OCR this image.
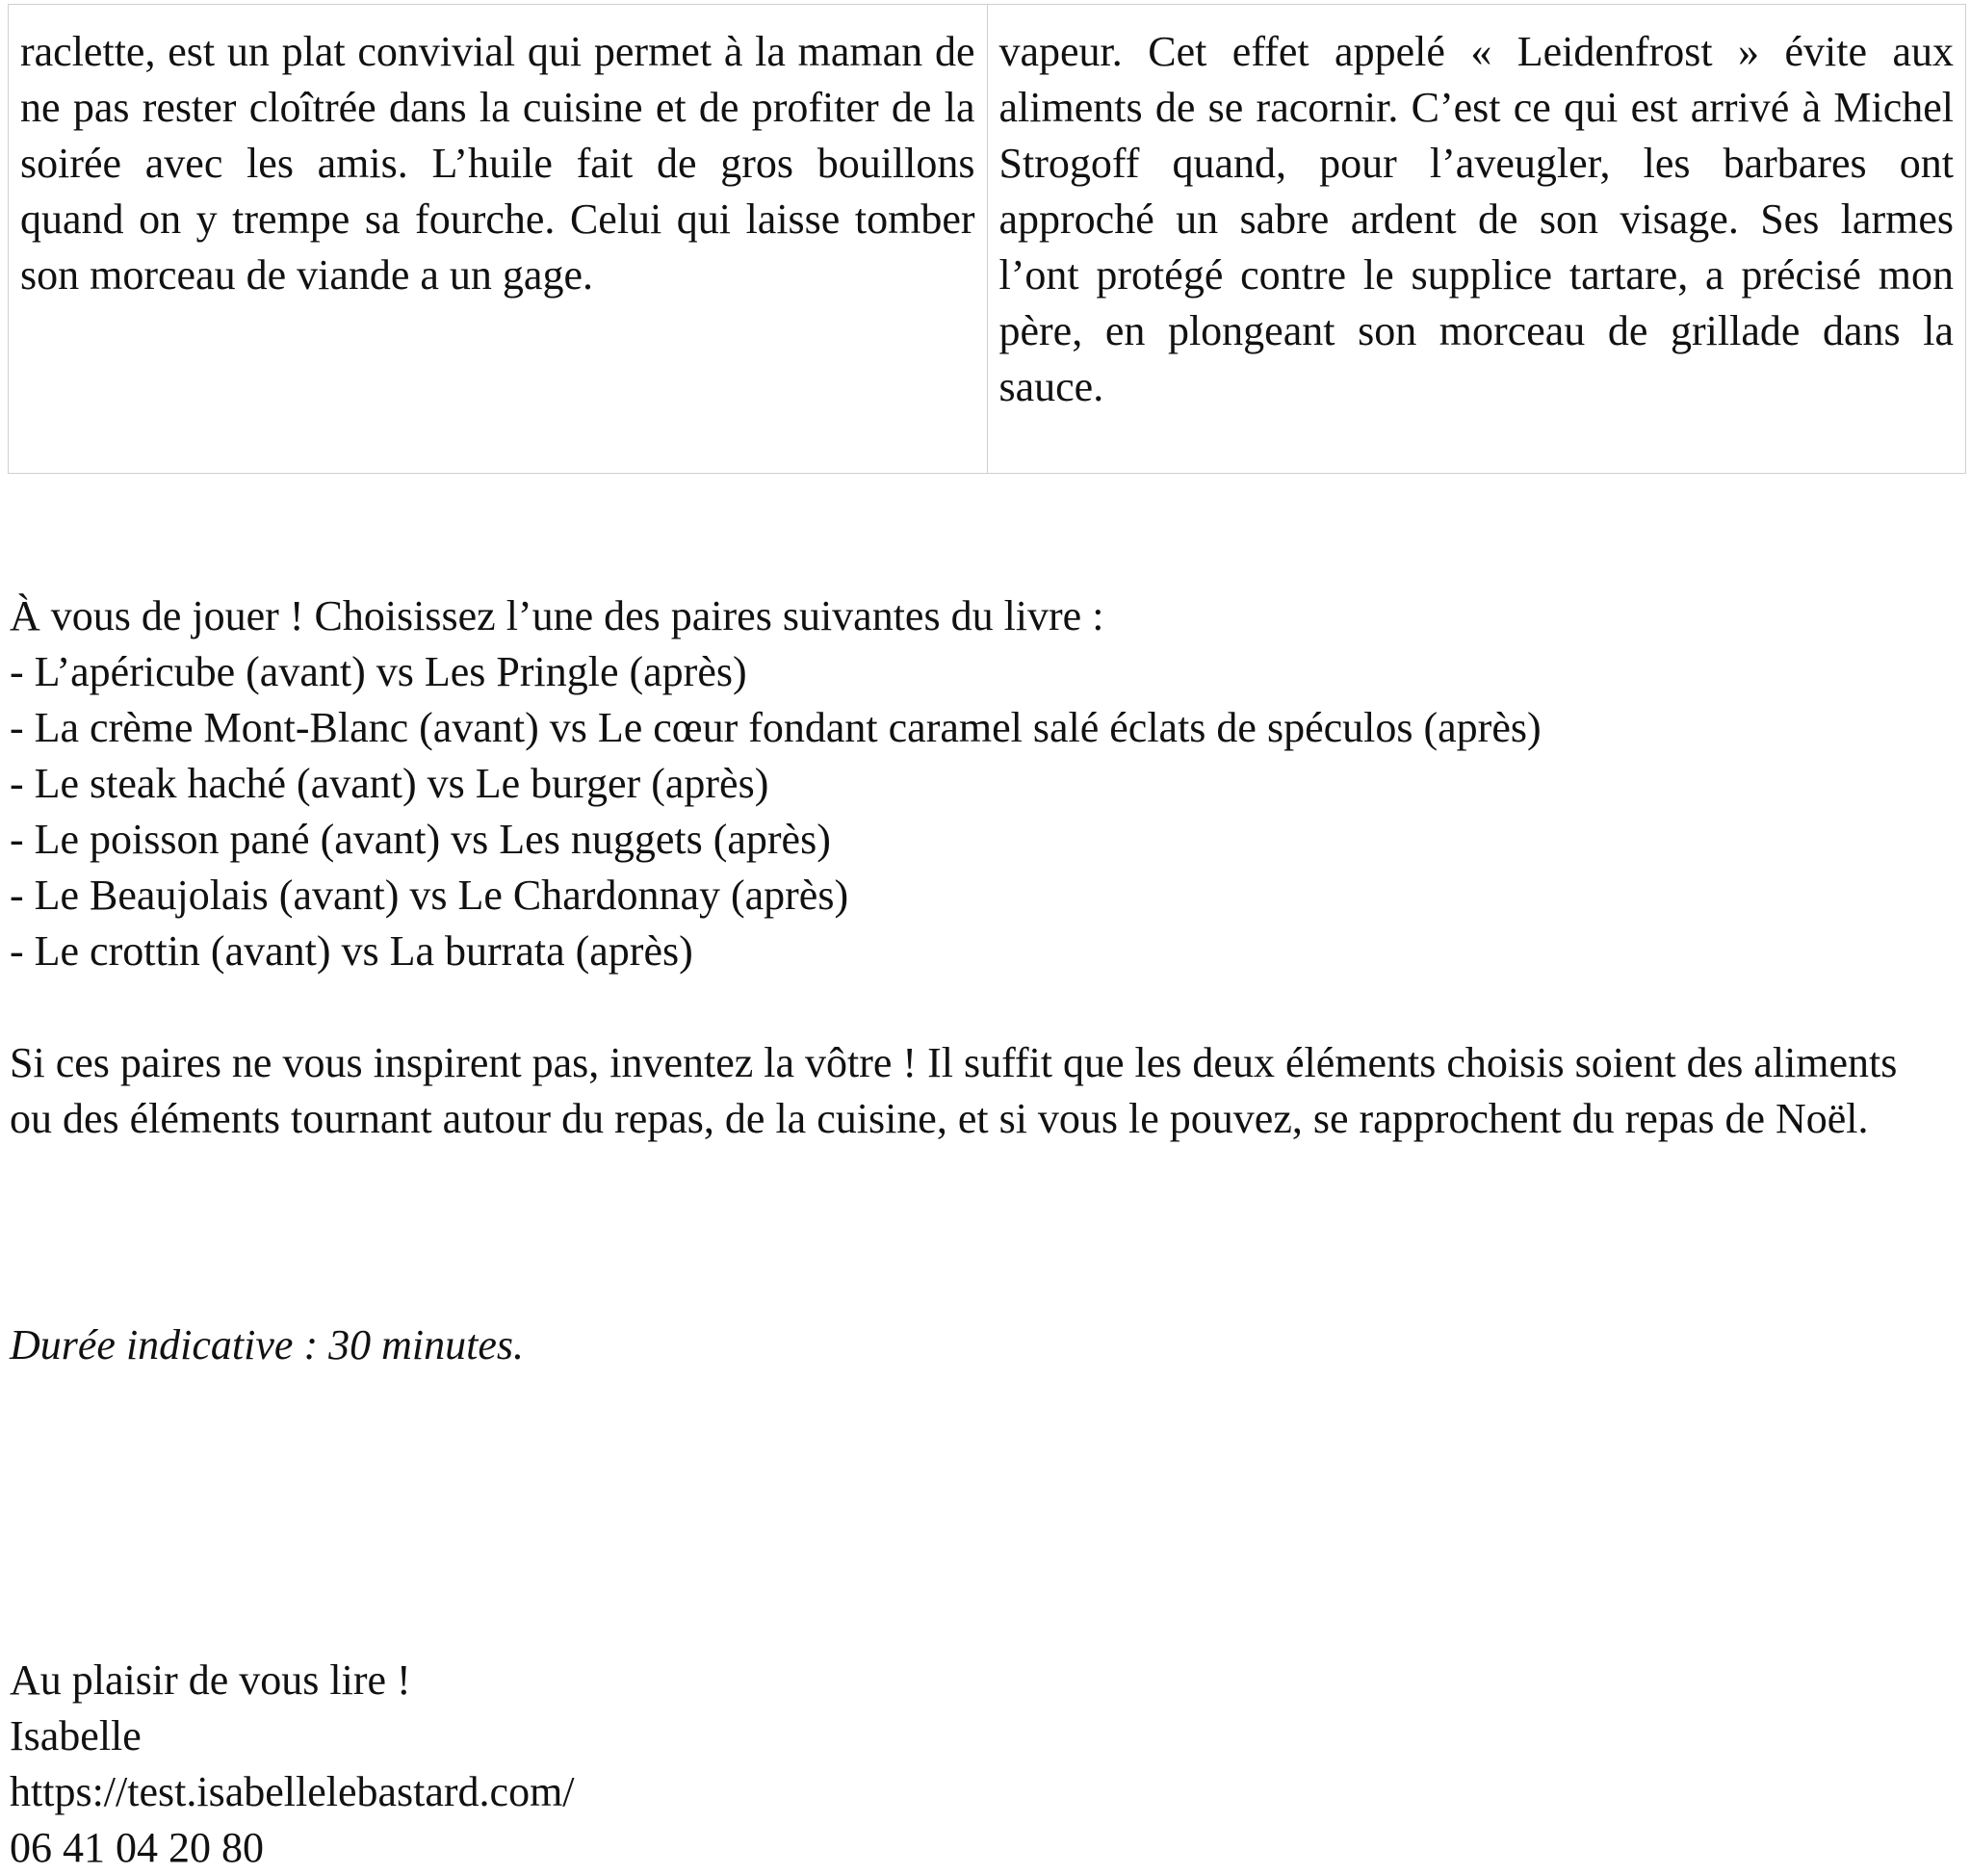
raclette, est un plat convivial qui permet à la maman de ne pas rester cloîtrée dans la cuisine et de profiter de la soirée avec les amis. L’huile fait de gros bouillons quand on y trempe sa fourche. Celui qui laisse tomber son morceau de viande a un gage.
vapeur. Cet effet appelé « Leidenfrost » évite aux aliments de se racornir. C’est ce qui est arrivé à Michel Strogoff quand, pour l’aveugler, les barbares ont approché un sabre ardent de son visage. Ses larmes l’ont protégé contre le supplice tartare, a précisé mon père, en plongeant son morceau de grillade dans la sauce.
À vous de jouer ! Choisissez l’une des paires suivantes du livre :
- L’apéricube (avant) vs Les Pringle (après)
- La crème Mont-Blanc (avant) vs Le cœur fondant caramel salé éclats de spéculos (après)
- Le steak haché (avant) vs Le burger (après)
- Le poisson pané (avant) vs Les nuggets (après)
- Le Beaujolais (avant) vs Le Chardonnay (après)
- Le crottin (avant) vs La burrata (après)
Si ces paires ne vous inspirent pas, inventez la vôtre ! Il suffit que les deux éléments choisis soient des aliments ou des éléments tournant autour du repas, de la cuisine, et si vous le pouvez, se rapprochent du repas de Noël.
Durée indicative : 30 minutes.
Au plaisir de vous lire !
Isabelle
https://test.isabellelebastard.com/
06 41 04 20 80
